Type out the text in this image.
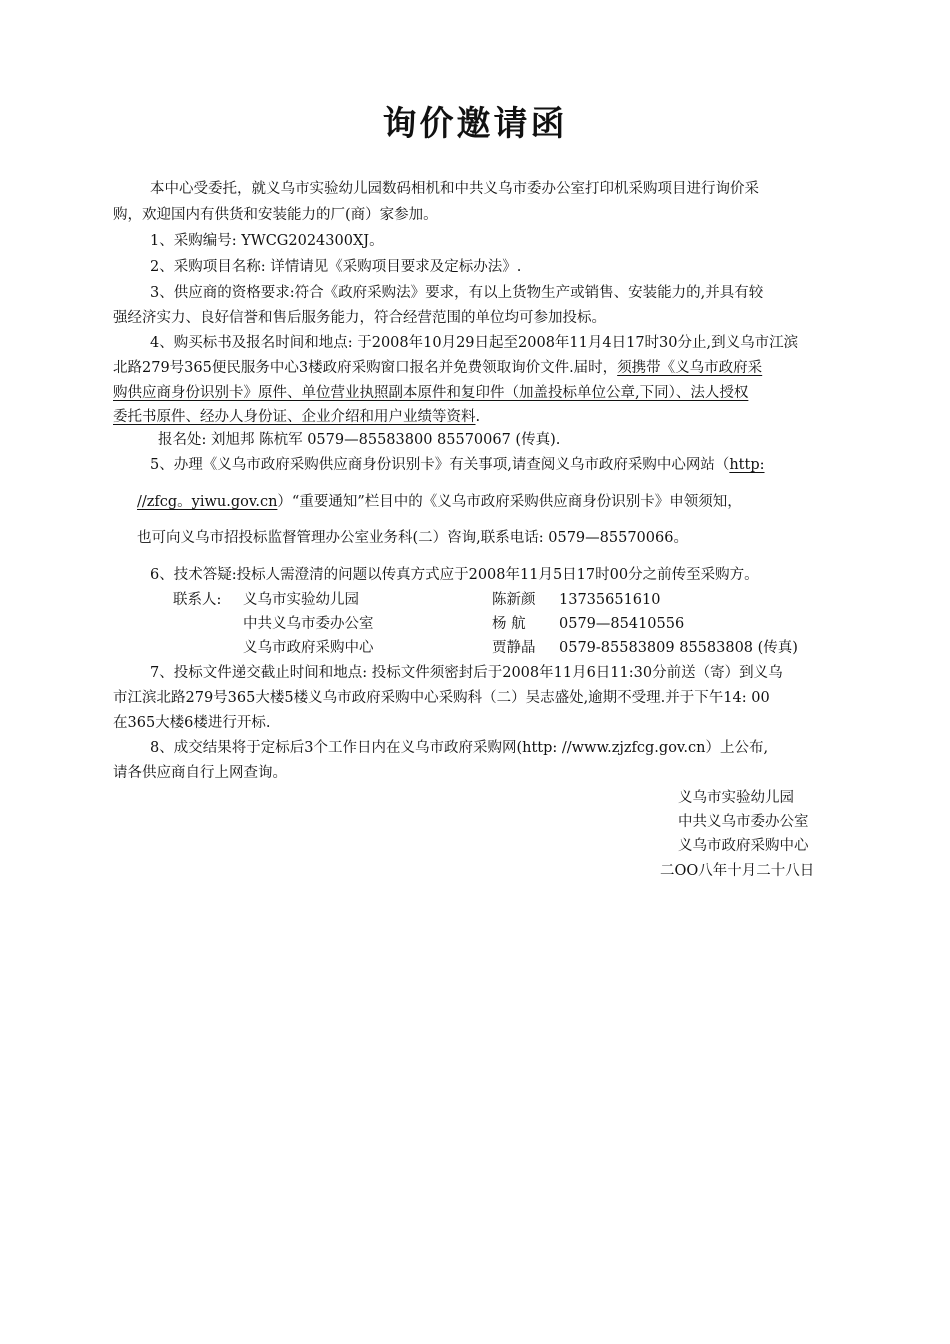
询价邀请函
本中心受委托，就义乌市实验幼儿园数码相机和中共义乌市委办公室打印机采购项目进行询价采
购，欢迎国内有供货和安装能力的厂(商）家参加。
1、采购编号: YWCG2024300XJ。
2、采购项目名称: 详情请见《采购项目要求及定标办法》.
3、供应商的资格要求:符合《政府采购法》要求，有以上货物生产或销售、安装能力的,并具有较
强经济实力、良好信誉和售后服务能力，符合经营范围的单位均可参加投标。
4、购买标书及报名时间和地点: 于2008年10月29日起至2008年11月4日17时30分止,到义乌市江滨
北路279号365便民服务中心3楼政府采购窗口报名并免费领取询价文件.届时，须携带《义乌市政府采
购供应商身份识别卡》原件、单位营业执照副本原件和复印件（加盖投标单位公章,下同）、法人授权
委托书原件、经办人身份证、企业介绍和用户业绩等资料.
报名处: 刘旭邦 陈杭军 0579—85583800 85570067 (传真).
5、办理《义乌市政府采购供应商身份识别卡》有关事项,请查阅义乌市政府采购中心网站（http:
//zfcg。yiwu.gov.cn）“重要通知”栏目中的《义乌市政府采购供应商身份识别卡》申领须知，
也可向义乌市招投标监督管理办公室业务科(二）咨询,联系电话: 0579—85570066。
6、技术答疑:投标人需澄清的问题以传真方式应于2008年11月5日17时00分之前传至采购方。
联系人: 义乌市实验幼儿园	陈新颜 13735651610
中共义乌市委办公室	杨 航 0579—85410556
义乌市政府采购中心	贾静晶 0579-85583809 85583808 (传真)
7、投标文件递交截止时间和地点: 投标文件须密封后于2008年11月6日11:30分前送（寄）到义乌
市江滨北路279号365大楼5楼义乌市政府采购中心采购科（二）吴志盛处,逾期不受理.并于下午14: 00
在365大楼6楼进行开标.
8、成交结果将于定标后3个工作日内在义乌市政府采购网(http: //www.zjzfcg.gov.cn）上公布,
请各供应商自行上网查询。
义乌市实验幼儿园
中共义乌市委办公室
义乌市政府采购中心
二OO八年十月二十八日
